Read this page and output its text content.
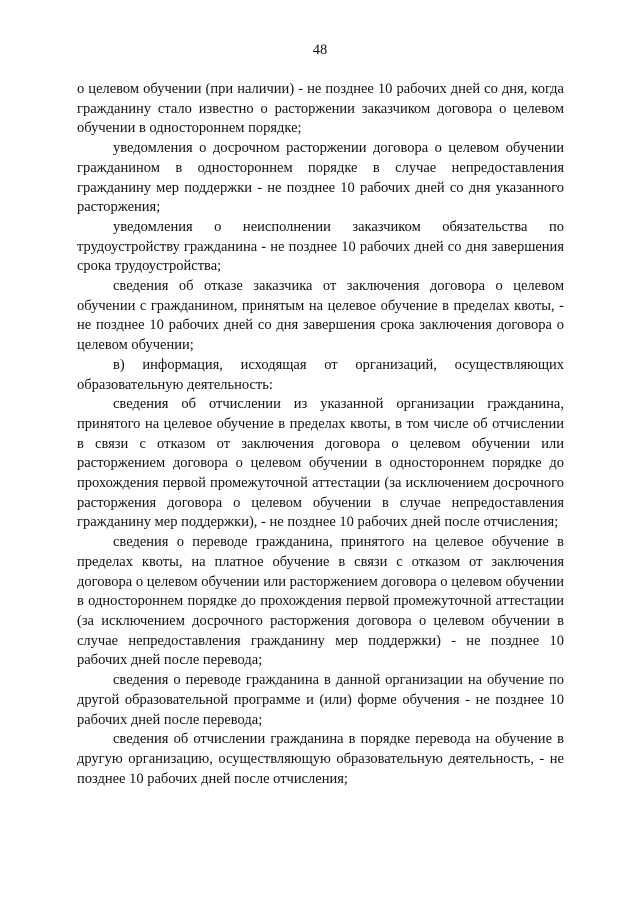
48

о целевом обучении (при наличии) - не позднее 10 рабочих дней со дня, когда гражданину стало известно о расторжении заказчиком договора о целевом обучении в одностороннем порядке;

уведомления о досрочном расторжении договора о целевом обучении гражданином в одностороннем порядке в случае непредоставления гражданину мер поддержки - не позднее 10 рабочих дней со дня указанного расторжения;

уведомления о неисполнении заказчиком обязательства по трудоустройству гражданина - не позднее 10 рабочих дней со дня завершения срока трудоустройства;

сведения об отказе заказчика от заключения договора о целевом обучении с гражданином, принятым на целевое обучение в пределах квоты, - не позднее 10 рабочих дней со дня завершения срока заключения договора о целевом обучении;

в) информация, исходящая от организаций, осуществляющих образовательную деятельность:

сведения об отчислении из указанной организации гражданина, принятого на целевое обучение в пределах квоты, в том числе об отчислении в связи с отказом от заключения договора о целевом обучении или расторжением договора о целевом обучении в одностороннем порядке до прохождения первой промежуточной аттестации (за исключением досрочного расторжения договора о целевом обучении в случае непредоставления гражданину мер поддержки), - не позднее 10 рабочих дней после отчисления;

сведения о переводе гражданина, принятого на целевое обучение в пределах квоты, на платное обучение в связи с отказом от заключения договора о целевом обучении или расторжением договора о целевом обучении в одностороннем порядке до прохождения первой промежуточной аттестации (за исключением досрочного расторжения договора о целевом обучении в случае непредоставления гражданину мер поддержки) - не позднее 10 рабочих дней после перевода;

сведения о переводе гражданина в данной организации на обучение по другой образовательной программе и (или) форме обучения - не позднее 10 рабочих дней после перевода;

сведения об отчислении гражданина в порядке перевода на обучение в другую организацию, осуществляющую образовательную деятельность, - не позднее 10 рабочих дней после отчисления;
